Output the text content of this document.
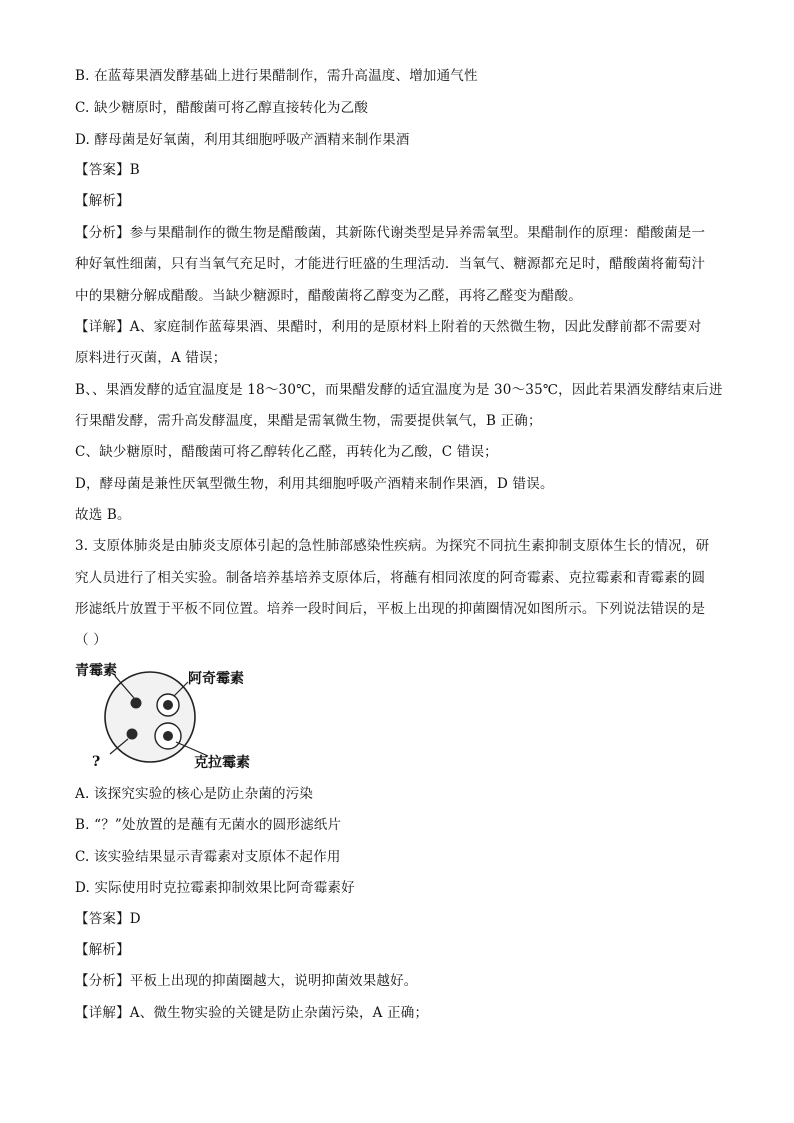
B. 在蓝莓果酒发酵基础上进行果醋制作，需升高温度、增加通气性
C. 缺少糖原时，醋酸菌可将乙醇直接转化为乙酸
D. 酵母菌是好氧菌，利用其细胞呼吸产酒精来制作果酒
【答案】B
【解析】
【分析】参与果醋制作的微生物是醋酸菌，其新陈代谢类型是异养需氧型。果醋制作的原理：醋酸菌是一
种好氧性细菌，只有当氧气充足时，才能进行旺盛的生理活动．当氧气、糖源都充足时，醋酸菌将葡萄汁
中的果糖分解成醋酸。当缺少糖源时，醋酸菌将乙醇变为乙醛，再将乙醛变为醋酸。
【详解】A、家庭制作蓝莓果酒、果醋时，利用的是原材料上附着的天然微生物，因此发酵前都不需要对
原料进行灭菌，A 错误；
B、、果酒发酵的适宜温度是 18～30℃，而果醋发酵的适宜温度为是 30～35℃，因此若果酒发酵结束后进
行果醋发酵，需升高发酵温度，果醋是需氧微生物，需要提供氧气，B 正确；
C、缺少糖原时，醋酸菌可将乙醇转化乙醛，再转化为乙酸，C 错误；
D，酵母菌是兼性厌氧型微生物，利用其细胞呼吸产酒精来制作果酒，D 错误。
故选 B。
3. 支原体肺炎是由肺炎支原体引起的急性肺部感染性疾病。为探究不同抗生素抑制支原体生长的情况，研
究人员进行了相关实验。制备培养基培养支原体后，将蘸有相同浓度的阿奇霉素、克拉霉素和青霉素的圆
形滤纸片放置于平板不同位置。培养一段时间后，平板上出现的抑菌圈情况如图所示。下列说法错误的是
（ ）
青霉素	阿奇霉素
?	克拉霉素
A. 该探究实验的核心是防止杂菌的污染
B. “？”处放置的是蘸有无菌水的圆形滤纸片
C. 该实验结果显示青霉素对支原体不起作用
D. 实际使用时克拉霉素抑制效果比阿奇霉素好
【答案】D
【解析】
【分析】平板上出现的抑菌圈越大，说明抑菌效果越好。
【详解】A、微生物实验的关键是防止杂菌污染，A 正确；
